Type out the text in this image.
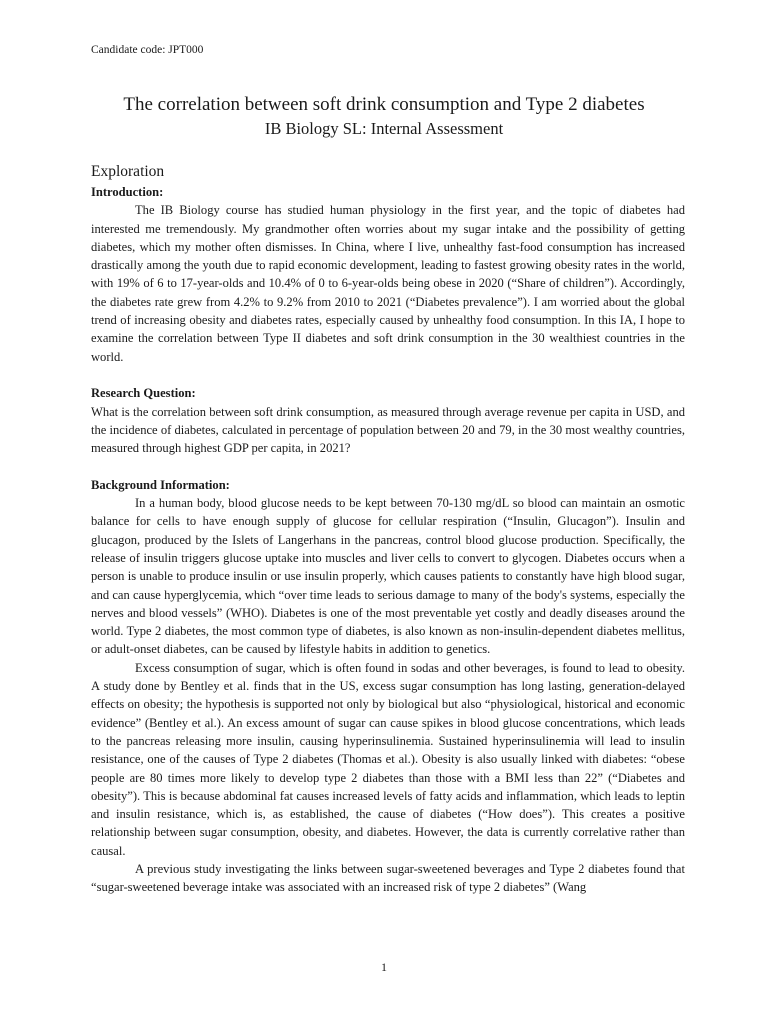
Candidate code: JPT000
The correlation between soft drink consumption and Type 2 diabetes
IB Biology SL: Internal Assessment
Exploration

Introduction:

The IB Biology course has studied human physiology in the first year, and the topic of diabetes had interested me tremendously. My grandmother often worries about my sugar intake and the possibility of getting diabetes, which my mother often dismisses. In China, where I live, unhealthy fast-food consumption has increased drastically among the youth due to rapid economic development, leading to fastest growing obesity rates in the world, with 19% of 6 to 17-year-olds and 10.4% of 0 to 6-year-olds being obese in 2020 (“Share of children”). Accordingly, the diabetes rate grew from 4.2% to 9.2% from 2010 to 2021 (“Diabetes prevalence”). I am worried about the global trend of increasing obesity and diabetes rates, especially caused by unhealthy food consumption. In this IA, I hope to examine the correlation between Type II diabetes and soft drink consumption in the 30 wealthiest countries in the world.

Research Question:

What is the correlation between soft drink consumption, as measured through average revenue per capita in USD, and the incidence of diabetes, calculated in percentage of population between 20 and 79, in the 30 most wealthy countries, measured through highest GDP per capita, in 2021?

Background Information:

In a human body, blood glucose needs to be kept between 70-130 mg/dL so blood can maintain an osmotic balance for cells to have enough supply of glucose for cellular respiration (“Insulin, Glucagon”). Insulin and glucagon, produced by the Islets of Langerhans in the pancreas, control blood glucose production. Specifically, the release of insulin triggers glucose uptake into muscles and liver cells to convert to glycogen. Diabetes occurs when a person is unable to produce insulin or use insulin properly, which causes patients to constantly have high blood sugar, and can cause hyperglycemia, which “over time leads to serious damage to many of the body's systems, especially the nerves and blood vessels” (WHO). Diabetes is one of the most preventable yet costly and deadly diseases around the world. Type 2 diabetes, the most common type of diabetes, is also known as non-insulin-dependent diabetes mellitus, or adult-onset diabetes, can be caused by lifestyle habits in addition to genetics.

Excess consumption of sugar, which is often found in sodas and other beverages, is found to lead to obesity. A study done by Bentley et al. finds that in the US, excess sugar consumption has long lasting, generation-delayed effects on obesity; the hypothesis is supported not only by biological but also “physiological, historical and economic evidence” (Bentley et al.). An excess amount of sugar can cause spikes in blood glucose concentrations, which leads to the pancreas releasing more insulin, causing hyperinsulinemia. Sustained hyperinsulinemia will lead to insulin resistance, one of the causes of Type 2 diabetes (Thomas et al.). Obesity is also usually linked with diabetes: “obese people are 80 times more likely to develop type 2 diabetes than those with a BMI less than 22” (“Diabetes and obesity”). This is because abdominal fat causes increased levels of fatty acids and inflammation, which leads to leptin and insulin resistance, which is, as established, the cause of diabetes (“How does”). This creates a positive relationship between sugar consumption, obesity, and diabetes. However, the data is currently correlative rather than causal.

A previous study investigating the links between sugar-sweetened beverages and Type 2 diabetes found that “sugar-sweetened beverage intake was associated with an increased risk of type 2 diabetes” (Wang

1
